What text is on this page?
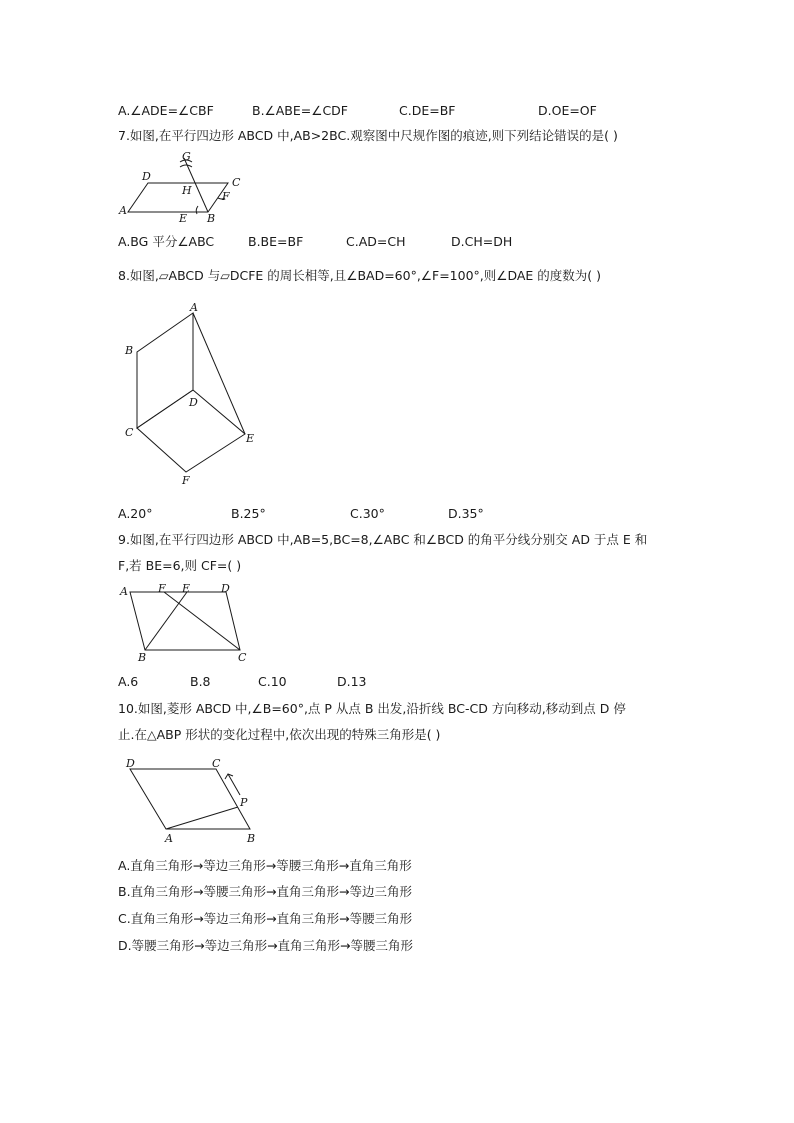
A.∠ADE=∠CBF	B.∠ABE=∠CDF	C.DE=BF	D.OE=OF
7.如图,在平行四边形 ABCD 中,AB>2BC.观察图中尺规作图的痕迹,则下列结论错误的是( )
D	C
A
B
E
F
G
H
A.BG 平分∠ABC	B.BE=BF	C.AD=CH	D.CH=DH
8.如图,▱ABCD 与▱DCFE 的周长相等,且∠BAD=60°,∠F=100°,则∠DAE 的度数为( )
A
B
C
D
E
F
A.20°	B.25°	C.30°	D.35°
9.如图,在平行四边形 ABCD 中,AB=5,BC=8,∠ABC 和∠BCD 的角平分线分别交 AD 于点 E 和
F,若 BE=6,则 CF=( )
A	F E	D
B	C
A.6	B.8	C.10	D.13
10.如图,菱形 ABCD 中,∠B=60°,点 P 从点 B 出发,沿折线 BC-CD 方向移动,移动到点 D 停
止.在△ABP 形状的变化过程中,依次出现的特殊三角形是( )
D	C
P
A	B
A.直角三角形→等边三角形→等腰三角形→直角三角形
B.直角三角形→等腰三角形→直角三角形→等边三角形
C.直角三角形→等边三角形→直角三角形→等腰三角形
D.等腰三角形→等边三角形→直角三角形→等腰三角形
